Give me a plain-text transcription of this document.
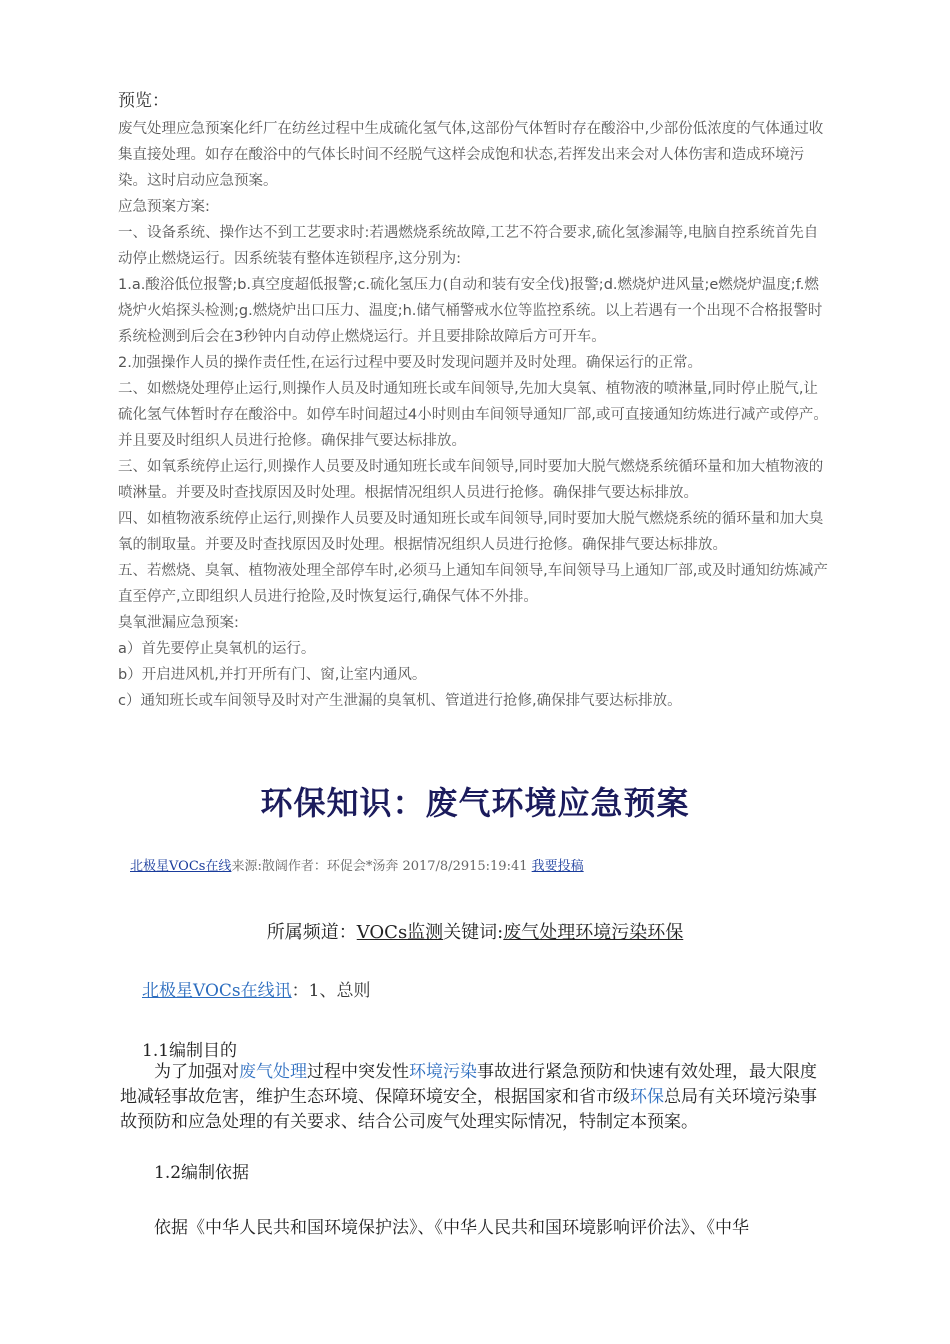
预览：

废气处理应急预案化纤厂在纺丝过程中生成硫化氢气体,这部份气体暂时存在酸浴中,少部份低浓度的气体通过收集直接处理。如存在酸浴中的气体长时间不经脱气这样会成饱和状态,若挥发出来会对人体伤害和造成环境污染。这时启动应急预案。

应急预案方案:

一、设备系统、操作达不到工艺要求时:若遇燃烧系统故障,工艺不符合要求,硫化氢渗漏等,电脑自控系统首先自动停止燃烧运行。因系统装有整体连锁程序,这分别为:

1.a.酸浴低位报警;b.真空度超低报警;c.硫化氢压力(自动和装有安全伐)报警;d.燃烧炉进风量;e燃烧炉温度;f.燃烧炉火焰探头检测;g.燃烧炉出口压力、温度;h.储气桶警戒水位等监控系统。以上若遇有一个出现不合格报警时系统检测到后会在3秒钟内自动停止燃烧运行。并且要排除故障后方可开车。

2.加强操作人员的操作责任性,在运行过程中要及时发现问题并及时处理。确保运行的正常。

二、如燃烧处理停止运行,则操作人员及时通知班长或车间领导,先加大臭氧、植物液的喷淋量,同时停止脱气,让硫化氢气体暂时存在酸浴中。如停车时间超过4小时则由车间领导通知厂部,或可直接通知纺炼进行减产或停产。并且要及时组织人员进行抢修。确保排气要达标排放。

三、如氧系统停止运行,则操作人员要及时通知班长或车间领导,同时要加大脱气燃烧系统循环量和加大植物液的喷淋量。并要及时查找原因及时处理。根据情况组织人员进行抢修。确保排气要达标排放。

四、如植物液系统停止运行,则操作人员要及时通知班长或车间领导,同时要加大脱气燃烧系统的循环量和加大臭氧的制取量。并要及时查找原因及时处理。根据情况组织人员进行抢修。确保排气要达标排放。

五、若燃烧、臭氧、植物液处理全部停车时,必须马上通知车间领导,车间领导马上通知厂部,或及时通知纺炼减产直至停产,立即组织人员进行抢险,及时恢复运行,确保气体不外排。

臭氧泄漏应急预案:

a）首先要停止臭氧机的运行。

b）开启进风机,并打开所有门、窗,让室内通风。

c）通知班长或车间领导及时对产生泄漏的臭氧机、管道进行抢修,确保排气要达标排放。

环保知识：废气环境应急预案
北极星VOCs在线来源:散阔作者：环促会*汤奔 2017/8/2915:19:41 我要投稿
所属频道：VOCs监测关键词:废气处理环境污染环保
北极星VOCs在线讯：1、总则
1.1编制目的

为了加强对废气处理过程中突发性环境污染事故进行紧急预防和快速有效处理，最大限度地减轻事故危害，维护生态环境、保障环境安全，根据国家和省市级环保总局有关环境污染事故预防和应急处理的有关要求、结合公司废气处理实际情况，特制定本预案。

1.2编制依据

依据《中华人民共和国环境保护法》、《中华人民共和国环境影响评价法》、《中华
